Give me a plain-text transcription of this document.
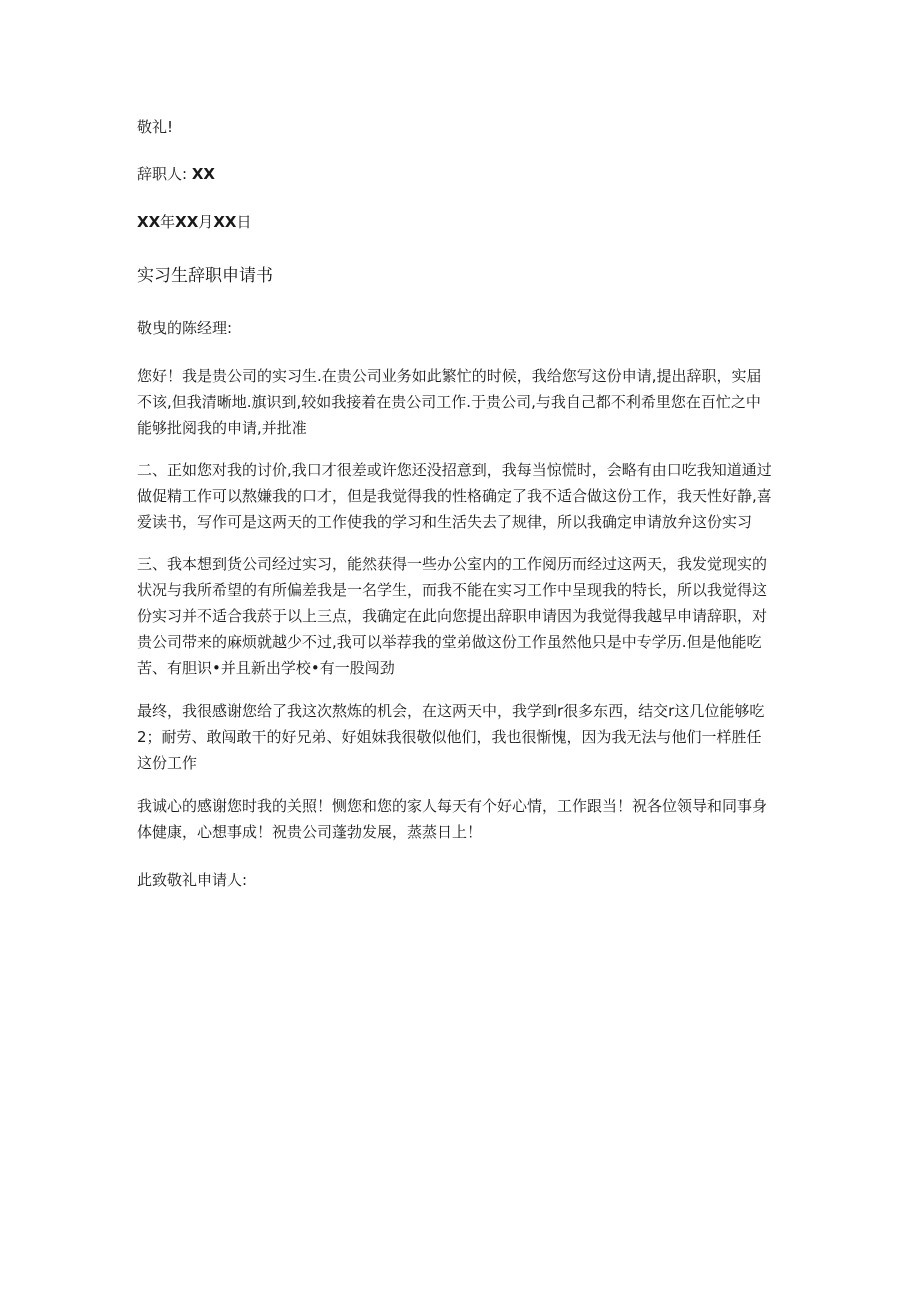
敬礼!
辞职人: XX
XX年XX月XX日
实习生辞职申请书
敬曳的陈经理:

您好！我是贵公司的实习生.在贵公司业务如此繁忙的时候，我给您写这份申请,提出辞职，实届
不该,但我清晰地.旗识到,较如我接着在贵公司工作.于贵公司,与我自己都不利希里您在百忙之中
能够批阅我的申请,并批准

二、正如您对我的讨价,我口才很差或许您还没招意到，我每当惊慌时，会略有由口吃我知道通过
做促精工作可以熬嫌我的口才，但是我觉得我的性格确定了我不适合做这份工作，我天性好静,喜
爱读书，写作可是这两天的工作使我的学习和生活失去了规律，所以我确定申请放弁这份实习

三、我本想到货公司经过实习，能然获得一些办公室内的工作阅历而经过这两天，我发觉现实的
状况与我所希望的有所偏差我是一名学生，而我不能在实习工作中呈现我的特长，所以我觉得这
份实习并不适合我菸于以上三点，我确定在此向您提出辞职申请因为我觉得我越早申请辞职，对
贵公司带来的麻烦就越少不过,我可以举荐我的堂弟做这份工作虽然他只是中专学历.但是他能吃
苦、有胆识•并且新出学校•有一股闯劲

最终，我很感谢您给了我这次熬炼的机会，在这两天中，我学到r很多东西，结交r这几位能够吃
2；耐劳、敢闯敢干的好兄弟、好姐妹我很敬似他们，我也很惭愧，因为我无法与他们一样胜任
这份工作

我诚心的感谢您时我的关照！恻您和您的家人每天有个好心情，工作跟当！祝各位领导和同事身
体健康，心想事成！祝贵公司蓬勃发展，蒸蒸日上！

此致敬礼申请人:
